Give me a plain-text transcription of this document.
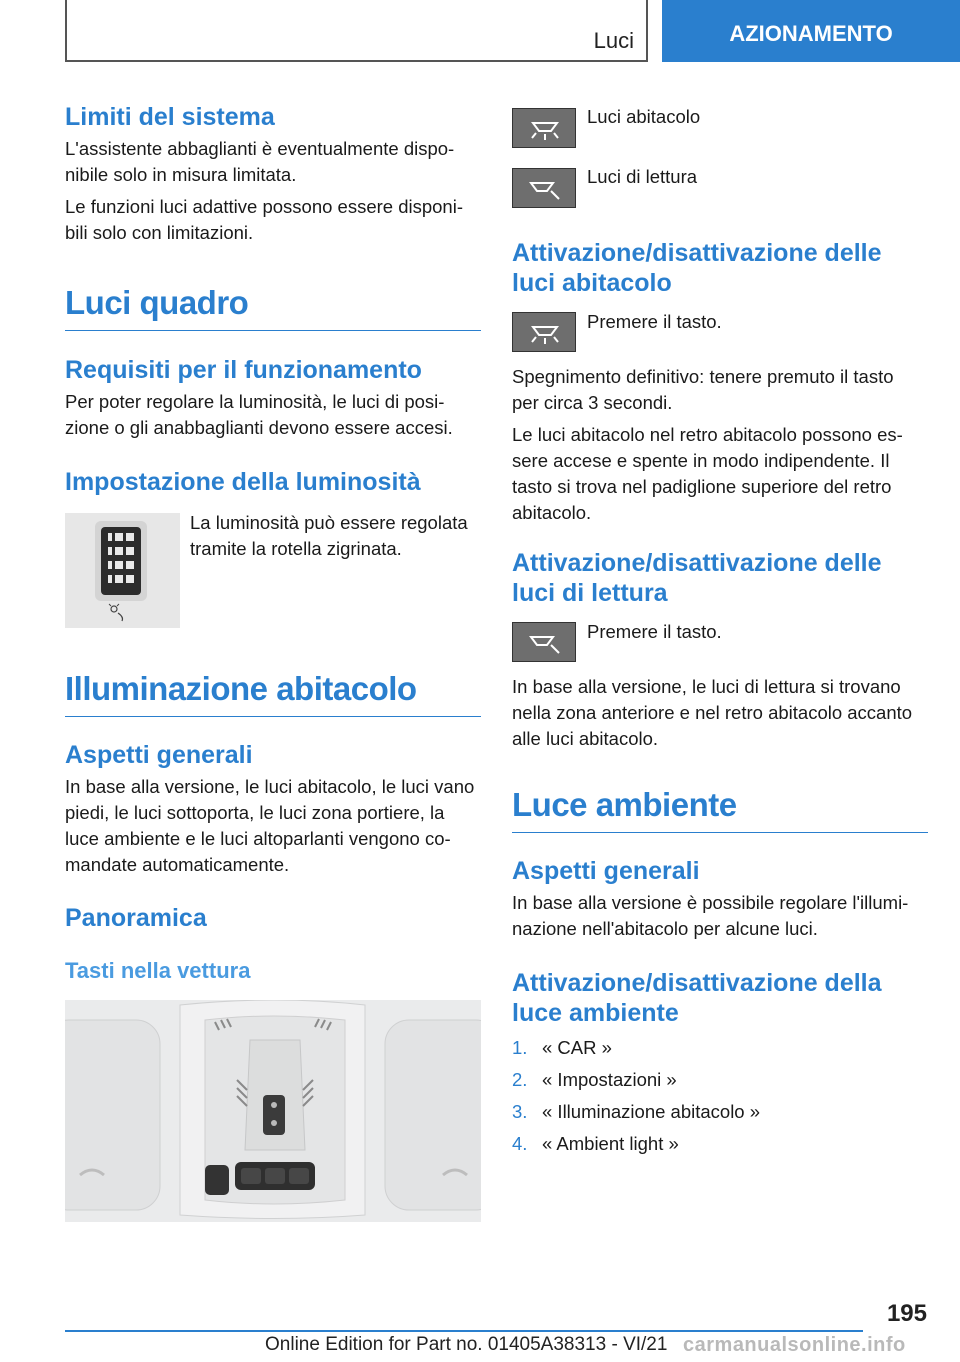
Luci	AZIONAMENTO
Limiti del sistema

L'assistente abbaglianti è eventualmente dispo-

nibile solo in misura limitata.

Le funzioni luci adattive possono essere disponi-

bili solo con limitazioni.

Luci quadro
Requisiti per il funzionamento

Per poter regolare la luminosità, le luci di posi-

zione o gli anabbaglianti devono essere accesi.

Impostazione della luminosità

La luminosità può essere regolata

tramite la rotella zigrinata.

Illuminazione abitacolo
Aspetti generali

In base alla versione, le luci abitacolo, le luci vano

piedi, le luci sottoporta, le luci zona portiere, la

luce ambiente e le luci altoparlanti vengono co-

mandate automaticamente.

Panoramica
Tasti nella vettura
Luci abitacolo
Luci di lettura
Attivazione/disattivazione delle
luci abitacolo
Premere il tasto.

Spegnimento definitivo: tenere premuto il tasto

per circa 3 secondi.

Le luci abitacolo nel retro abitacolo possono es-

sere accese e spente in modo indipendente. Il

tasto si trova nel padiglione superiore del retro

abitacolo.

Attivazione/disattivazione delle
luci di lettura
Premere il tasto.

In base alla versione, le luci di lettura si trovano

nella zona anteriore e nel retro abitacolo accanto

alle luci abitacolo.

Luce ambiente
Aspetti generali

In base alla versione è possibile regolare l'illumi-

nazione nell'abitacolo per alcune luci.

Attivazione/disattivazione della
luce ambiente
1. « CAR »
2. « Impostazioni »
3. « Illuminazione abitacolo »
4. « Ambient light »
195
Online Edition for Part no. 01405A38313 - VI/21 carmanualsonline.info
